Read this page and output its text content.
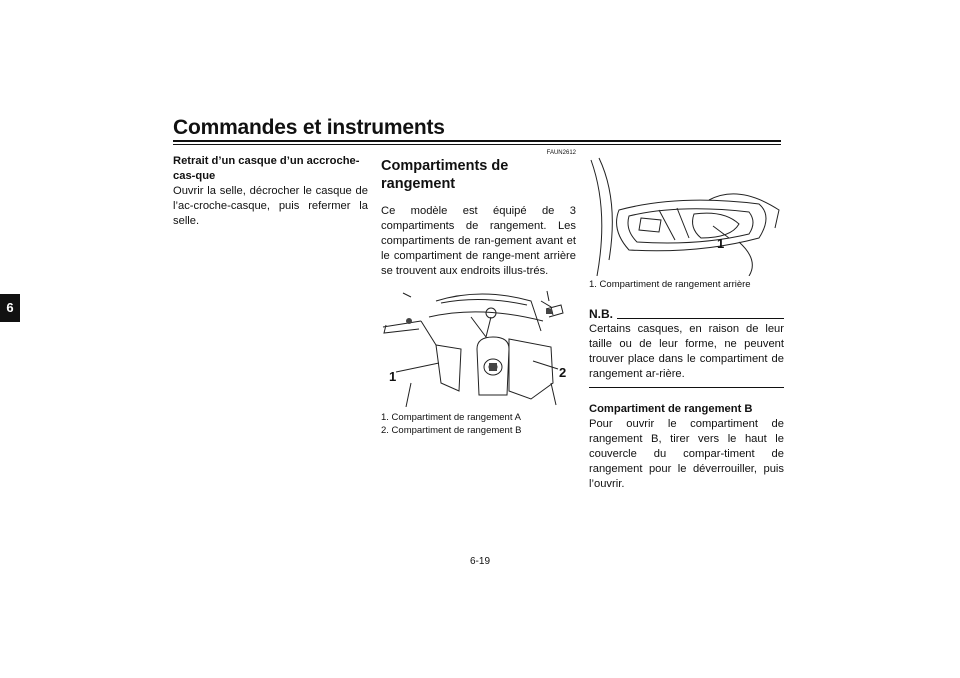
Commandes et instruments
6

Retrait d’un casque d’un accroche-cas-que

Ouvrir la selle, décrocher le casque de l’ac-croche-casque, puis refermer la selle.

FAUN2612

Compartiments de rangement

Ce modèle est équipé de 3 compartiments de rangement. Les compartiments de ran-gement avant et le compartiment de range-ment arrière se trouvent aux endroits illus-trés.

1	2

1. Compartiment de rangement A

2. Compartiment de rangement B

1

1. Compartiment de rangement arrière

N.B.

Certains casques, en raison de leur taille ou de leur forme, ne peuvent trouver place dans le compartiment de rangement ar-rière.

Compartiment de rangement B

Pour ouvrir le compartiment de rangement B, tirer vers le haut le couvercle du compar-timent de rangement pour le déverrouiller, puis l’ouvrir.

6-19
